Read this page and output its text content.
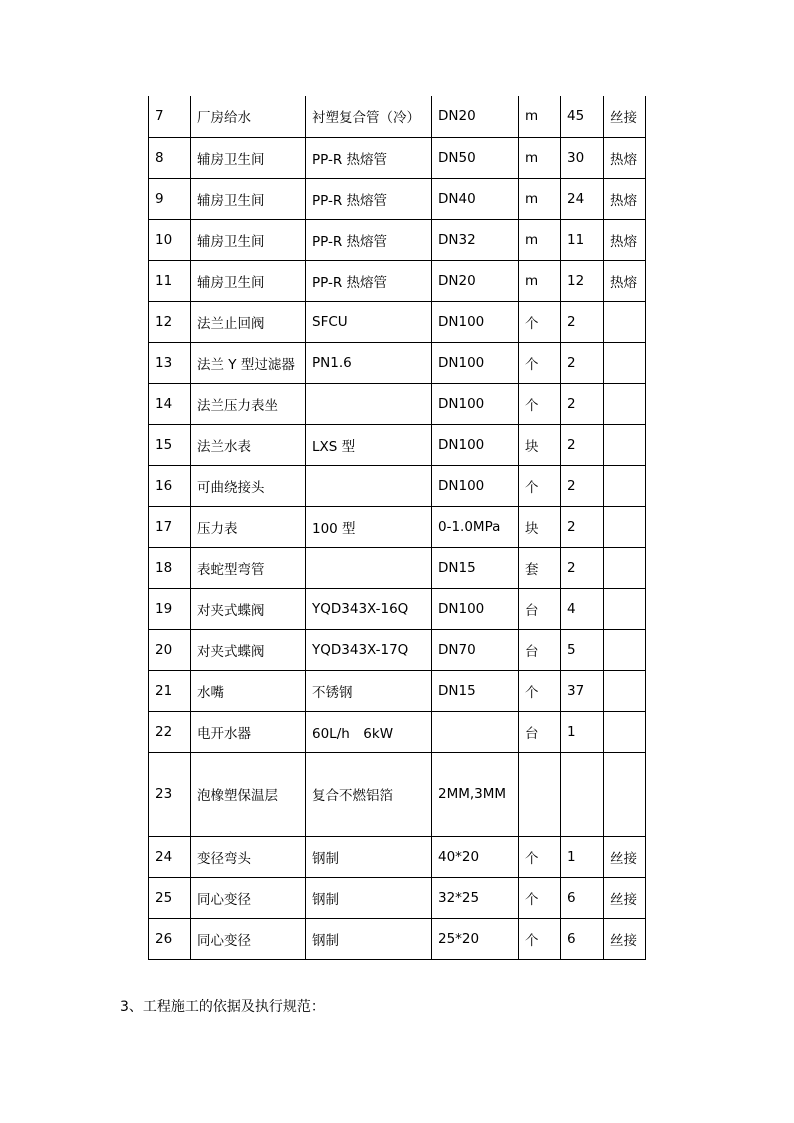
7	厂房给水	衬塑复合管（冷）	DN20	m	45	丝接
8	辅房卫生间	PP-R 热熔管	DN50	m	30	热熔
9	辅房卫生间	PP-R 热熔管	DN40	m	24	热熔
10	辅房卫生间	PP-R 热熔管	DN32	m	11	热熔
11	辅房卫生间	PP-R 热熔管	DN20	m	12	热熔
12	法兰止回阀	SFCU	DN100	个	2	
13	法兰 Y 型过滤器	PN1.6	DN100	个	2	
14	法兰压力表坐		DN100	个	2	
15	法兰水表	LXS 型	DN100	块	2	
16	可曲绕接头		DN100	个	2	
17	压力表	100 型	0-1.0MPa	块	2	
18	表蛇型弯管		DN15	套	2	
19	对夹式蝶阀	YQD343X-16Q	DN100	台	4	
20	对夹式蝶阀	YQD343X-17Q	DN70	台	5	
21	水嘴	不锈钢	DN15	个	37	
22	电开水器	60L/h　6kW		台	1	
23	泡橡塑保温层	复合不燃铝箔	2MM,3MM			
24	变径弯头	钢制	40*20	个	1	丝接
25	同心变径	钢制	32*25	个	6	丝接
26	同心变径	钢制	25*20	个	6	丝接

3、工程施工的依据及执行规范：
